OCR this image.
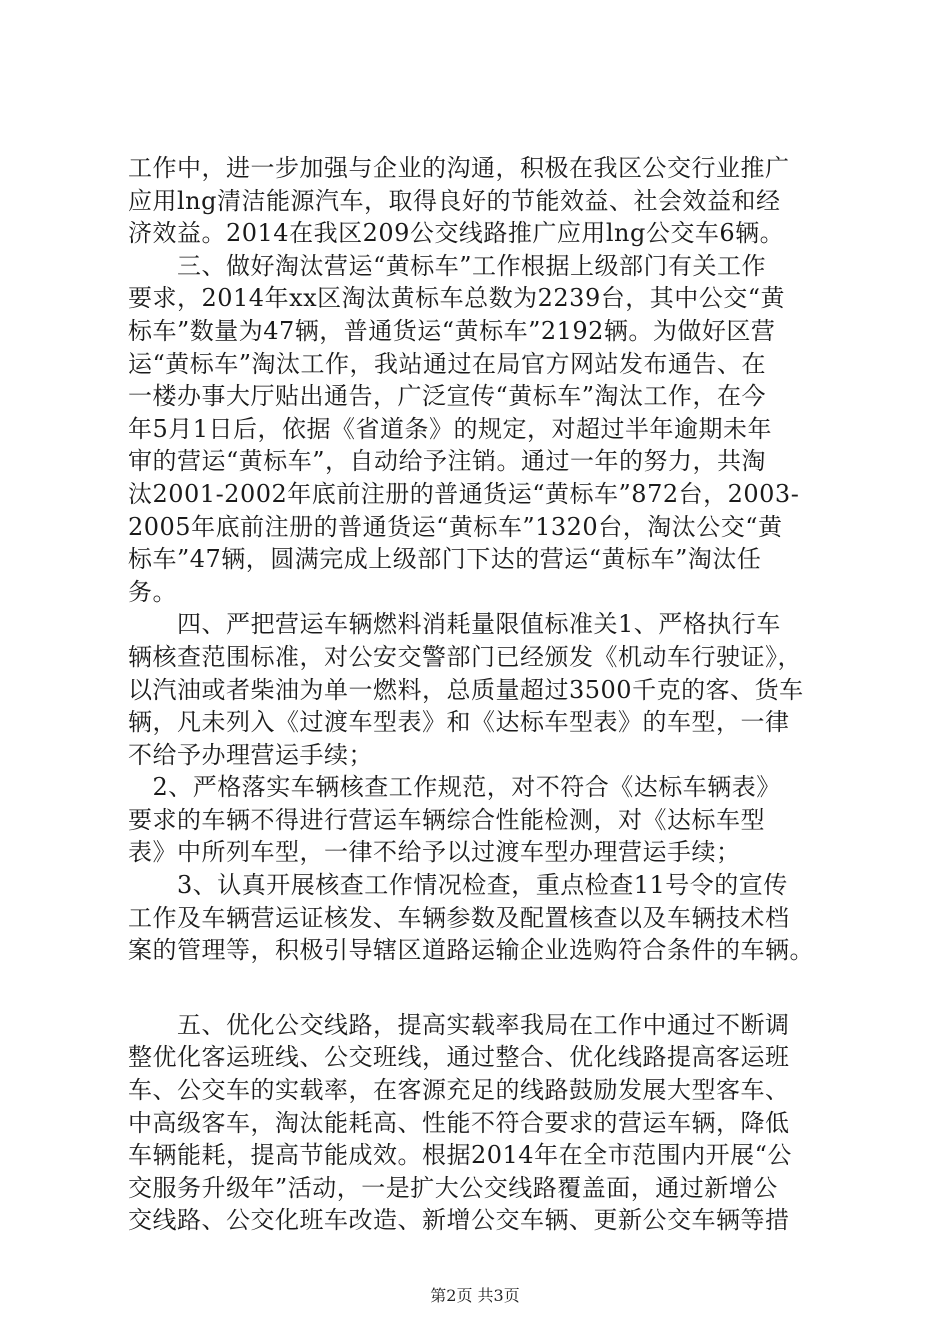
工作中，进一步加强与企业的沟通，积极在我区公交行业推广
应用lng清洁能源汽车，取得良好的节能效益、社会效益和经
济效益。2014在我区209公交线路推广应用lng公交车6辆。
　　三、做好淘汰营运“黄标车”工作根据上级部门有关工作
要求，2014年xx区淘汰黄标车总数为2239台，其中公交“黄
标车”数量为47辆，普通货运“黄标车”2192辆。为做好区营
运“黄标车”淘汰工作，我站通过在局官方网站发布通告、在
一楼办事大厅贴出通告，广泛宣传“黄标车”淘汰工作，在今
年5月1日后，依据《省道条》的规定，对超过半年逾期未年
审的营运“黄标车”，自动给予注销。通过一年的努力，共淘
汰2001-2002年底前注册的普通货运“黄标车”872台，2003-
2005年底前注册的普通货运“黄标车”1320台，淘汰公交“黄
标车”47辆，圆满完成上级部门下达的营运“黄标车”淘汰任
务。
　　四、严把营运车辆燃料消耗量限值标准关1、严格执行车
辆核查范围标准，对公安交警部门已经颁发《机动车行驶证》，
以汽油或者柴油为单一燃料，总质量超过3500千克的客、货车
辆，凡未列入《过渡车型表》和《达标车型表》的车型，一律
不给予办理营运手续；
　2、严格落实车辆核查工作规范，对不符合《达标车辆表》
要求的车辆不得进行营运车辆综合性能检测，对《达标车型
表》中所列车型，一律不给予以过渡车型办理营运手续；
　　3、认真开展核查工作情况检查，重点检查11号令的宣传
工作及车辆营运证核发、车辆参数及配置核查以及车辆技术档
案的管理等，积极引导辖区道路运输企业选购符合条件的车辆。
　　五、优化公交线路，提高实载率我局在工作中通过不断调
整优化客运班线、公交班线，通过整合、优化线路提高客运班
车、公交车的实载率，在客源充足的线路鼓励发展大型客车、
中高级客车，淘汰能耗高、性能不符合要求的营运车辆，降低
车辆能耗，提高节能成效。根据2014年在全市范围内开展“公
交服务升级年”活动，一是扩大公交线路覆盖面，通过新增公
交线路、公交化班车改造、新增公交车辆、更新公交车辆等措
第2页 共3页
